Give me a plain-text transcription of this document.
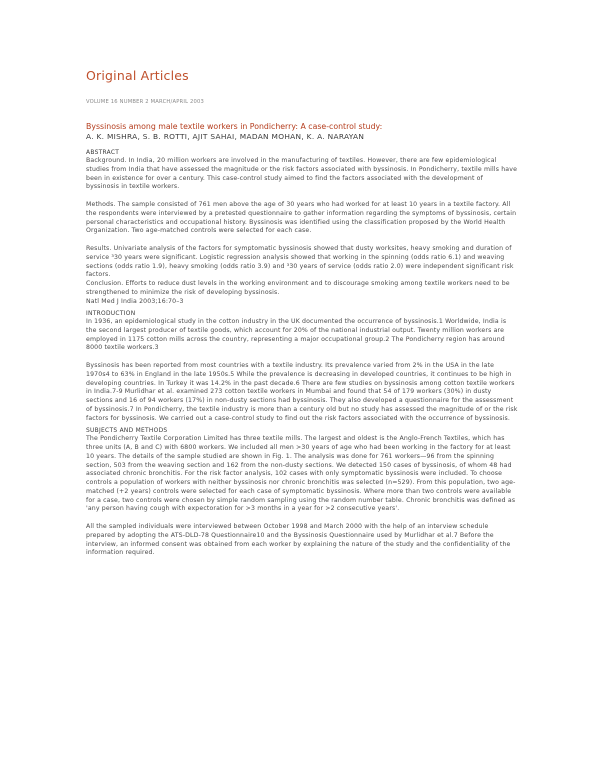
Original Articles
VOLUME 16 NUMBER 2 MARCH/APRIL 2003
Byssinosis among male textile workers in Pondicherry: A case-control study:
A. K. MISHRA, S. B. ROTTI, AJIT SAHAI, MADAN MOHAN, K. A. NARAYAN
ABSTRACT

Background. In India, 20 million workers are involved in the manufacturing of textiles. However, there are few epidemiological studies from India that have assessed the magnitude or the risk factors associated with byssinosis. In Pondicherry, textile mills have been in existence for over a century. This case-control study aimed to find the factors associated with the development of byssinosis in textile workers.

Methods. The sample consisted of 761 men above the age of 30 years who had worked for at least 10 years in a textile factory. All the respondents were interviewed by a pretested questionnaire to gather information regarding the symptoms of byssinosis, certain personal characteristics and occupational history. Byssinosis was identified using the classification proposed by the World Health Organization. Two age-matched controls were selected for each case.

Results. Univariate analysis of the factors for symptomatic byssinosis showed that dusty worksites, heavy smoking and duration of service ³30 years were significant. Logistic regression analysis showed that working in the spinning (odds ratio 6.1) and weaving sections (odds ratio 1.9), heavy smoking (odds ratio 3.9) and ³30 years of service (odds ratio 2.0) were independent significant risk factors.

Conclusion. Efforts to reduce dust levels in the working environment and to discourage smoking among textile workers need to be strengthened to minimize the risk of developing byssinosis.

Natl Med J India 2003;16:70–3

INTRODUCTION

In 1936, an epidemiological study in the cotton industry in the UK documented the occurrence of byssinosis.1 Worldwide, India is the second largest producer of textile goods, which account for 20% of the national industrial output. Twenty million workers are employed in 1175 cotton mills across the country, representing a major occupational group.2 The Pondicherry region has around 8000 textile workers.3

Byssinosis has been reported from most countries with a textile industry. Its prevalence varied from 2% in the USA in the late 1970s4 to 63% in England in the late 1950s.5 While the prevalence is decreasing in developed countries, it continues to be high in developing countries. In Turkey it was 14.2% in the past decade.6 There are few studies on byssinosis among cotton textile workers in India.7-9 Murlidhar et al. examined 273 cotton textile workers in Mumbai and found that 54 of 179 workers (30%) in dusty sections and 16 of 94 workers (17%) in non-dusty sections had byssinosis. They also developed a questionnaire for the assessment of byssinosis.7 In Pondicherry, the textile industry is more than a century old but no study has assessed the magnitude of or the risk factors for byssinosis. We carried out a case-control study to find out the risk factors associated with the occurrence of byssinosis.

SUBJECTS AND METHODS

The Pondicherry Textile Corporation Limited has three textile mills. The largest and oldest is the Anglo-French Textiles, which has three units (A, B and C) with 6800 workers. We included all men >30 years of age who had been working in the factory for at least 10 years. The details of the sample studied are shown in Fig. 1. The analysis was done for 761 workers—96 from the spinning section, 503 from the weaving section and 162 from the non-dusty sections. We detected 150 cases of byssinosis, of whom 48 had associated chronic bronchitis. For the risk factor analysis, 102 cases with only symptomatic byssinosis were included. To choose controls a population of workers with neither byssinosis nor chronic bronchitis was selected (n=529). From this population, two age-matched (+2 years) controls were selected for each case of symptomatic byssinosis. Where more than two controls were available for a case, two controls were chosen by simple random sampling using the random number table. Chronic bronchitis was defined as 'any person having cough with expectoration for >3 months in a year for >2 consecutive years'.

All the sampled individuals were interviewed between October 1998 and March 2000 with the help of an interview schedule prepared by adopting the ATS-DLD-78 Questionnaire10 and the Byssinosis Questionnaire used by Murlidhar et al.7 Before the interview, an informed consent was obtained from each worker by explaining the nature of the study and the confidentiality of the information required.
